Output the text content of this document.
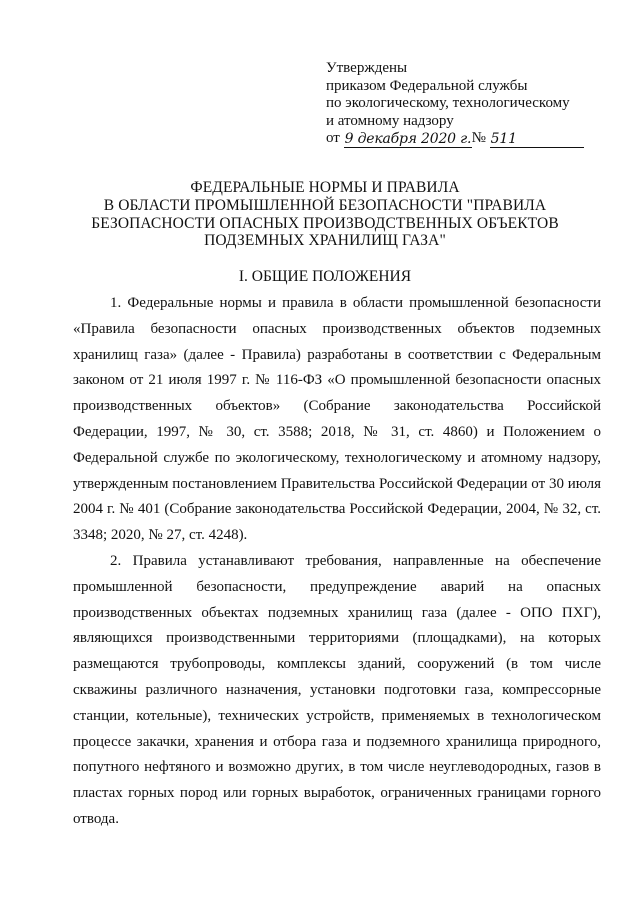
Утверждены
приказом Федеральной службы
по экологическому, технологическому
и атомному надзору
от
9 декабря 2020 г. №
511
ФЕДЕРАЛЬНЫЕ НОРМЫ И ПРАВИЛА
В ОБЛАСТИ ПРОМЫШЛЕННОЙ БЕЗОПАСНОСТИ "ПРАВИЛА
БЕЗОПАСНОСТИ ОПАСНЫХ ПРОИЗВОДСТВЕННЫХ ОБЪЕКТОВ
ПОДЗЕМНЫХ ХРАНИЛИЩ ГАЗА"
I. ОБЩИЕ ПОЛОЖЕНИЯ

1. Федеральные нормы и правила в области промышленной безопасности «Правила безопасности опасных производственных объектов подземных хранилищ газа» (далее - Правила) разработаны в соответствии с Федеральным законом от 21 июля 1997 г. № 116-ФЗ «О промышленной безопасности опасных производственных объектов» (Собрание законодательства Российской Федерации, 1997, № 30, ст. 3588; 2018, № 31, ст. 4860) и Положением о Федеральной службе по экологическому, технологическому и атомному надзору, утвержденным постановлением Правительства Российской Федерации от 30 июля 2004 г. № 401 (Собрание законодательства Российской Федерации, 2004, № 32, ст. 3348; 2020, № 27, ст. 4248).

2. Правила устанавливают требования, направленные на обеспечение промышленной безопасности, предупреждение аварий на опасных производственных объектах подземных хранилищ газа (далее - ОПО ПХГ), являющихся производственными территориями (площадками), на которых размещаются трубопроводы, комплексы зданий, сооружений (в том числе скважины различного назначения, установки подготовки газа, компрессорные станции, котельные), технических устройств, применяемых в технологическом процессе закачки, хранения и отбора газа и подземного хранилища природного, попутного нефтяного и возможно других, в том числе неуглеводородных, газов в пластах горных пород или горных выработок, ограниченных границами горного отвода.
